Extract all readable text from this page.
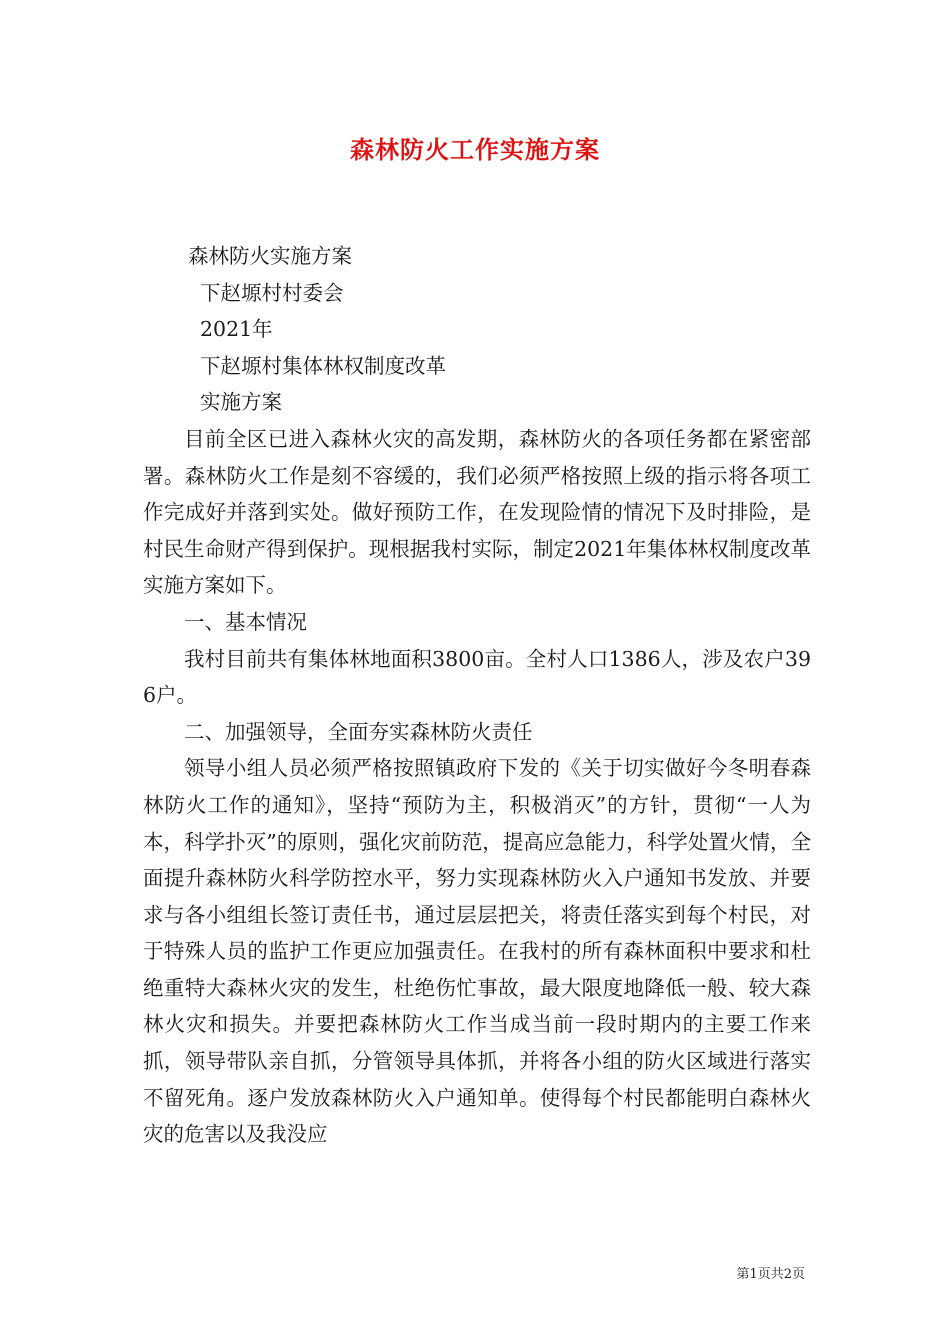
森林防火工作实施方案

森林防火实施方案

下赵塬村村委会

2021年

下赵塬村集体林权制度改革

实施方案

目前全区已进入森林火灾的高发期，森林防火的各项任务都在紧密部署。森林防火工作是刻不容缓的，我们必须严格按照上级的指示将各项工作完成好并落到实处。做好预防工作，在发现险情的情况下及时排险，是村民生命财产得到保护。现根据我村实际，制定2021年集体林权制度改革实施方案如下。

一、基本情况

我村目前共有集体林地面积3800亩。全村人口1386人，涉及农户396户。

二、加强领导，全面夯实森林防火责任

领导小组人员必须严格按照镇政府下发的《关于切实做好今冬明春森林防火工作的通知》，坚持“预防为主，积极消灭”的方针，贯彻“一人为本，科学扑灭”的原则，强化灾前防范，提高应急能力，科学处置火情，全面提升森林防火科学防控水平，努力实现森林防火入户通知书发放、并要求与各小组组长签订责任书，通过层层把关，将责任落实到每个村民，对于特殊人员的监护工作更应加强责任。在我村的所有森林面积中要求和杜绝重特大森林火灾的发生，杜绝伤忙事故，最大限度地降低一般、较大森林火灾和损失。并要把森林防火工作当成当前一段时期内的主要工作来抓，领导带队亲自抓，分管领导具体抓，并将各小组的防火区域进行落实不留死角。逐户发放森林防火入户通知单。使得每个村民都能明白森林火灾的危害以及我没应

第1页共2页
